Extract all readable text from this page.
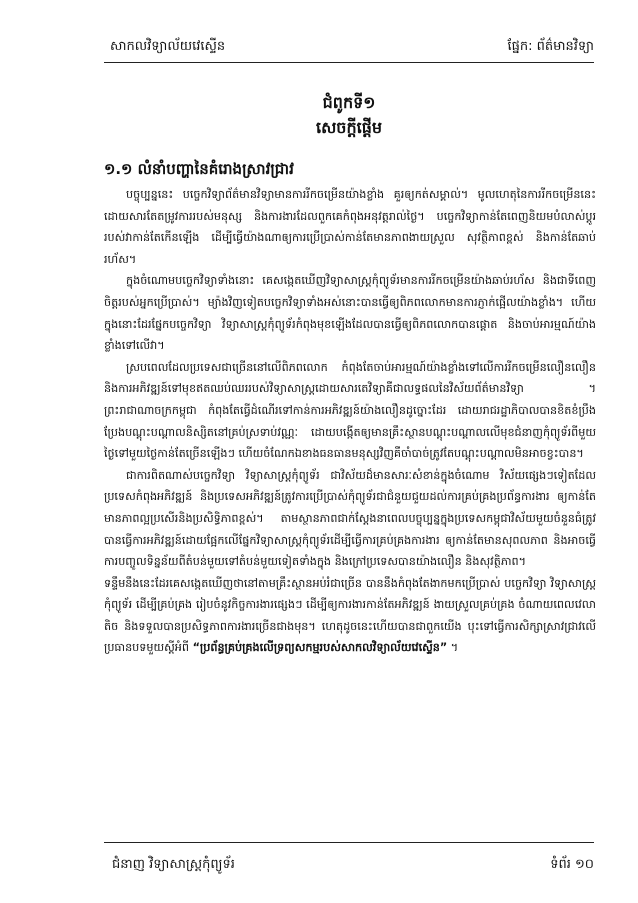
សាកលវិទ្យាល័យវេស្ទើន	ផ្នែក: ព័ត៌មានវិទ្យា
ជំពូកទី១
សេចក្តីផ្តើម
១.១ លំនាំបញ្ហានៃគំរោងស្រាវជ្រាវ

បច្ចុប្បន្ននេះ បច្ចេកវិទ្យាព័ត៌មានវិទ្យាមានការរីកចម្រើនយ៉ាងខ្លាំង គួរឲ្យកត់សម្គាល់។ មូលហេតុនៃការរីកចម្រើននេះ ដោយសារតែតម្រូវការរបស់មនុស្ស និងការងារដែលពួកគេកំពុងអនុវត្តរាល់ថ្ងៃ។ បច្ចេកវិទ្យាកាន់តែពេញនិយមបំលាស់ប្តូររបស់វាកាន់តែកើនឡើង ដើម្បីធ្វើយ៉ាងណាឲ្យការប្រើប្រាស់កាន់តែមានភាពងាយស្រួល សុវត្ថិភាពខ្ពស់ និងកាន់តែឆាប់រហ័ស។

ក្នុងចំណោមបច្ចេកវិទ្យាទាំងនោះ គេសង្កេតឃើញវិទ្យាសាស្ត្រកុំព្យូទ័រមានការរីកចម្រើនយ៉ាងឆាប់រហ័ស និងជាទីពេញចិត្តរបស់អ្នកប្រើប្រាស់។ ម្យ៉ាងវិញទៀតបច្ចេកវិទ្យាទាំងអស់នោះបានធ្វើឲ្យពិភពលោកមានការភ្ញាក់ផ្អើលយ៉ាងខ្លាំង។ ហើយក្នុងនោះដែរផ្នែកបច្ចេកវិទ្យា វិទ្យាសាស្ត្រកុំព្យូទ័រកំពុងមុខឡើងដែលបានធ្វើឲ្យពិភពលោកបានផ្តោត និងចាប់អារម្មណ៍យ៉ាងខ្លាំងទៅលើវា។

ស្របពេលដែលប្រទេសជាច្រើននៅលើពិភពលោក កំពុងតែចាប់អារម្មណ៍យ៉ាងខ្លាំងទៅលើការរីកចម្រើនលឿនលឿន និងការអភិវឌ្ឍន៍ទៅមុខឥតឈប់ឈររបស់វិទ្យាសាស្ត្រដោយសារតេវិទ្យាគឺជាលទ្ធផលនៃវិស័យព័ត៌មានវិទ្យា ។ ព្រះរាជាណាចក្រកម្ពុជា កំពុងតែធ្វើដំណើរទៅកាន់ការអភិវឌ្ឍន៍យ៉ាងលឿនដូច្នោះដែរ ដោយរាជរដ្ឋាភិបាលបានខិតខំប្រឹងប្រែងបណ្តុះបណ្តាលនិស្សិតនៅគ្រប់ស្រទាប់វណ្ណៈ ដោយបង្កើតឲ្យមានគ្រឹះស្ថានបណ្តុះបណ្តាលលើមុខជំនាញកុំព្យូទ័រពីមួយថ្ងៃទៅមួយថ្ងៃកាន់តែច្រើនឡើងៗ ហើយចំណែកឯខាងធនធានមនុស្សវិញគឺចាំបាច់ត្រូវតែបណ្តុះបណ្តាលមិនអាចខ្វះបាន។

ជាការពិតណាស់បច្ចេកវិទ្យា វិទ្យាសាស្ត្រកុំព្យូទ័រ ជាវិស័យដ៏មានសារៈសំខាន់ក្នុងចំណោម វិស័យផ្សេងៗទៀតដែលប្រទេសកំពុងអភិវឌ្ឍន៍ និងប្រទេសអភិវឌ្ឍន៍ត្រូវការប្រើប្រាស់កុំព្យូទ័រជាជំនួយជួយដល់ការគ្រប់គ្រងប្រព័ន្ធការងារ ឲ្យកាន់តែមានភាពល្អប្រសើរនិងប្រសិទ្ធិភាពខ្ពស់។ តាមស្ថានភាពជាក់ស្តែងនាពេលបច្ចុប្បន្នក្នុងប្រទេសកម្ពុជាវិស័យមួយចំនួនធំត្រូវបានធ្វើការអភិវឌ្ឍន៍ដោយផ្អែកលើផ្នែកវិទ្យាសាស្ត្រកុំព្យូទ័រដើម្បីធ្វើការគ្រប់គ្រងការងារ ឲ្យកាន់តែមានសុពលភាព និងអាចធ្វើការបញ្ចូលទិន្នន័យពីតំបន់មួយទៅតំបន់មួយទៀតទាំងក្នុង និងក្រៅប្រទេសបានយ៉ាងលឿន និងសុវត្ថិភាព។

ទន្ទឹមនឹងនេះដែរគេសង្កេតឃើញថានៅតាមគ្រឹះស្ថានអប់រំជាច្រើន បាននឹងកំពុងតែងាកមកប្រើប្រាស់ បច្ចេកវិទ្យា វិទ្យាសាស្ត្រកុំព្យូទ័រ ដើម្បីគ្រប់គ្រង រៀបចំនូវកិច្ចការងារផ្សេងៗ ដើម្បីឲ្យការងារកាន់តែអភិវឌ្ឍន៍ ងាយស្រួលគ្រប់គ្រង ចំណាយពេលវេលាតិច និងទទួលបានប្រសិទ្ធភាពការងារច្រើនជាងមុន។ ហេតុដូចនេះហើយបានជាពួកយើង បុះទៅធ្វើការសិក្សាស្រាវជ្រាវលើប្រធានបទមួយស្តីអំពី “ប្រព័ន្ធគ្រប់គ្រងលើទ្រព្យសកម្មរបស់សាកលវិទ្យាល័យវេស្ទើន” ។

ជំនាញ វិទ្យាសាស្ត្រកុំព្យូទ័រ	ទំព័រ ១០
